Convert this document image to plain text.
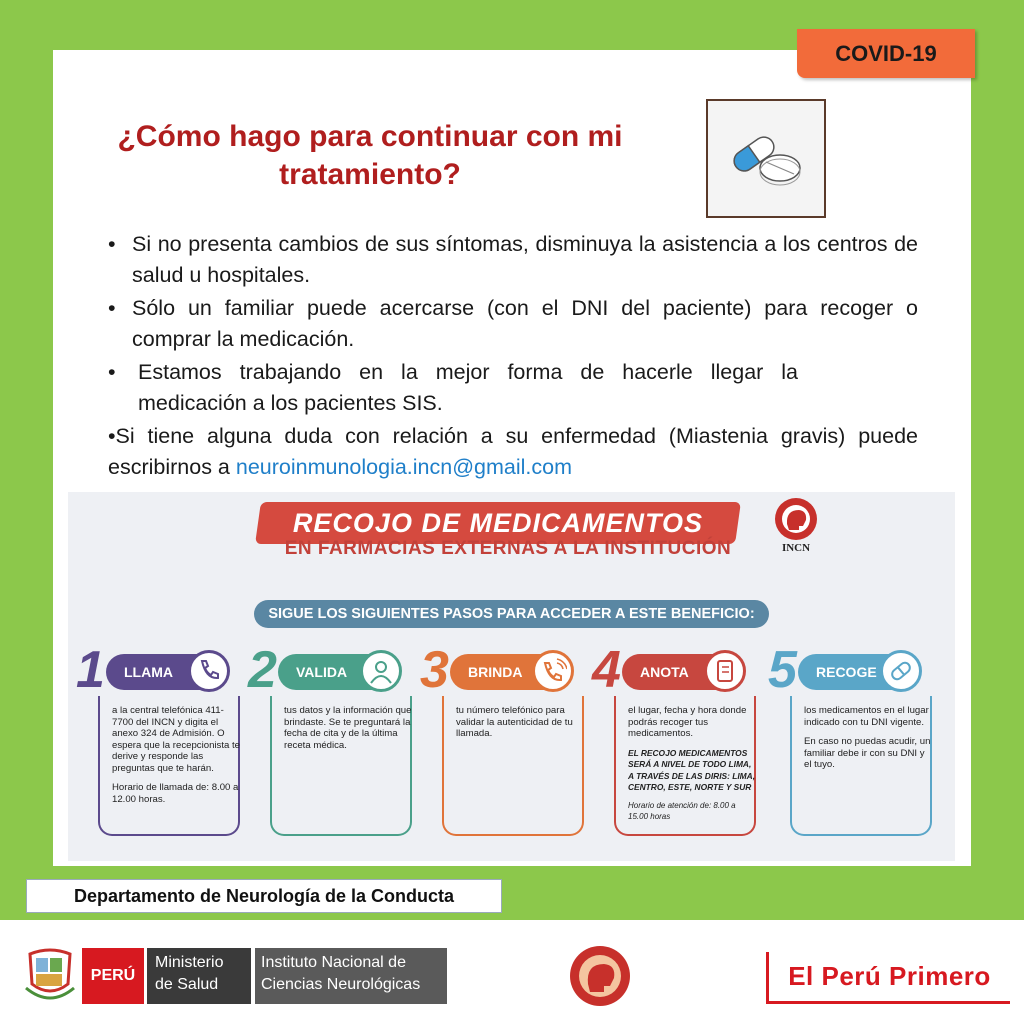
COVID-19
¿Cómo hago para continuar con mi tratamiento?

• Si no presenta cambios de sus síntomas, disminuya la asistencia a los centros de salud u hospitales.

• Sólo un familiar puede acercarse (con el DNI del paciente) para recoger o comprar la medicación.

• Estamos trabajando en la mejor forma de hacerle llegar la medicación a los pacientes SIS.

•Si tiene alguna duda con relación a su enfermedad (Miastenia gravis) puede escribirnos a neuroinmunologia.incn@gmail.com

RECOJO DE MEDICAMENTOS
EN FARMACIAS EXTERNAS A LA INSTITUCIÓN	INCN
SIGUE LOS SIGUIENTES PASOS PARA ACCEDER A ESTE BENEFICIO:
1	LLAMA

a la central telefónica 411-7700 del INCN y digita el anexo 324 de Admisión. O espera que la recepcionista te derive y responde las preguntas que te harán.

Horario de llamada de: 8.00 a 12.00 horas.

2	VALIDA

tus datos y la información que brindaste. Se te preguntará la fecha de cita y de la última receta médica.

3	BRINDA

tu número telefónico para validar la autenticidad de tu llamada.

4	ANOTA

el lugar, fecha y hora donde podrás recoger tus medicamentos.

EL RECOJO MEDICAMENTOS SERÁ A NIVEL DE TODO LIMA, A TRAVÉS DE LAS DIRIS: LIMA, CENTRO, ESTE, NORTE Y SUR

Horario de atención de: 8.00 a 15.00 horas

5	RECOGE

los medicamentos en el lugar indicado con tu DNI vigente.

En caso no puedas acudir, un familiar debe ir con su DNI y el tuyo.

Departamento de Neurología de la Conducta
PERÚ
Ministerio
de Salud
Instituto Nacional de
Ciencias Neurológicas	El Perú Primero
